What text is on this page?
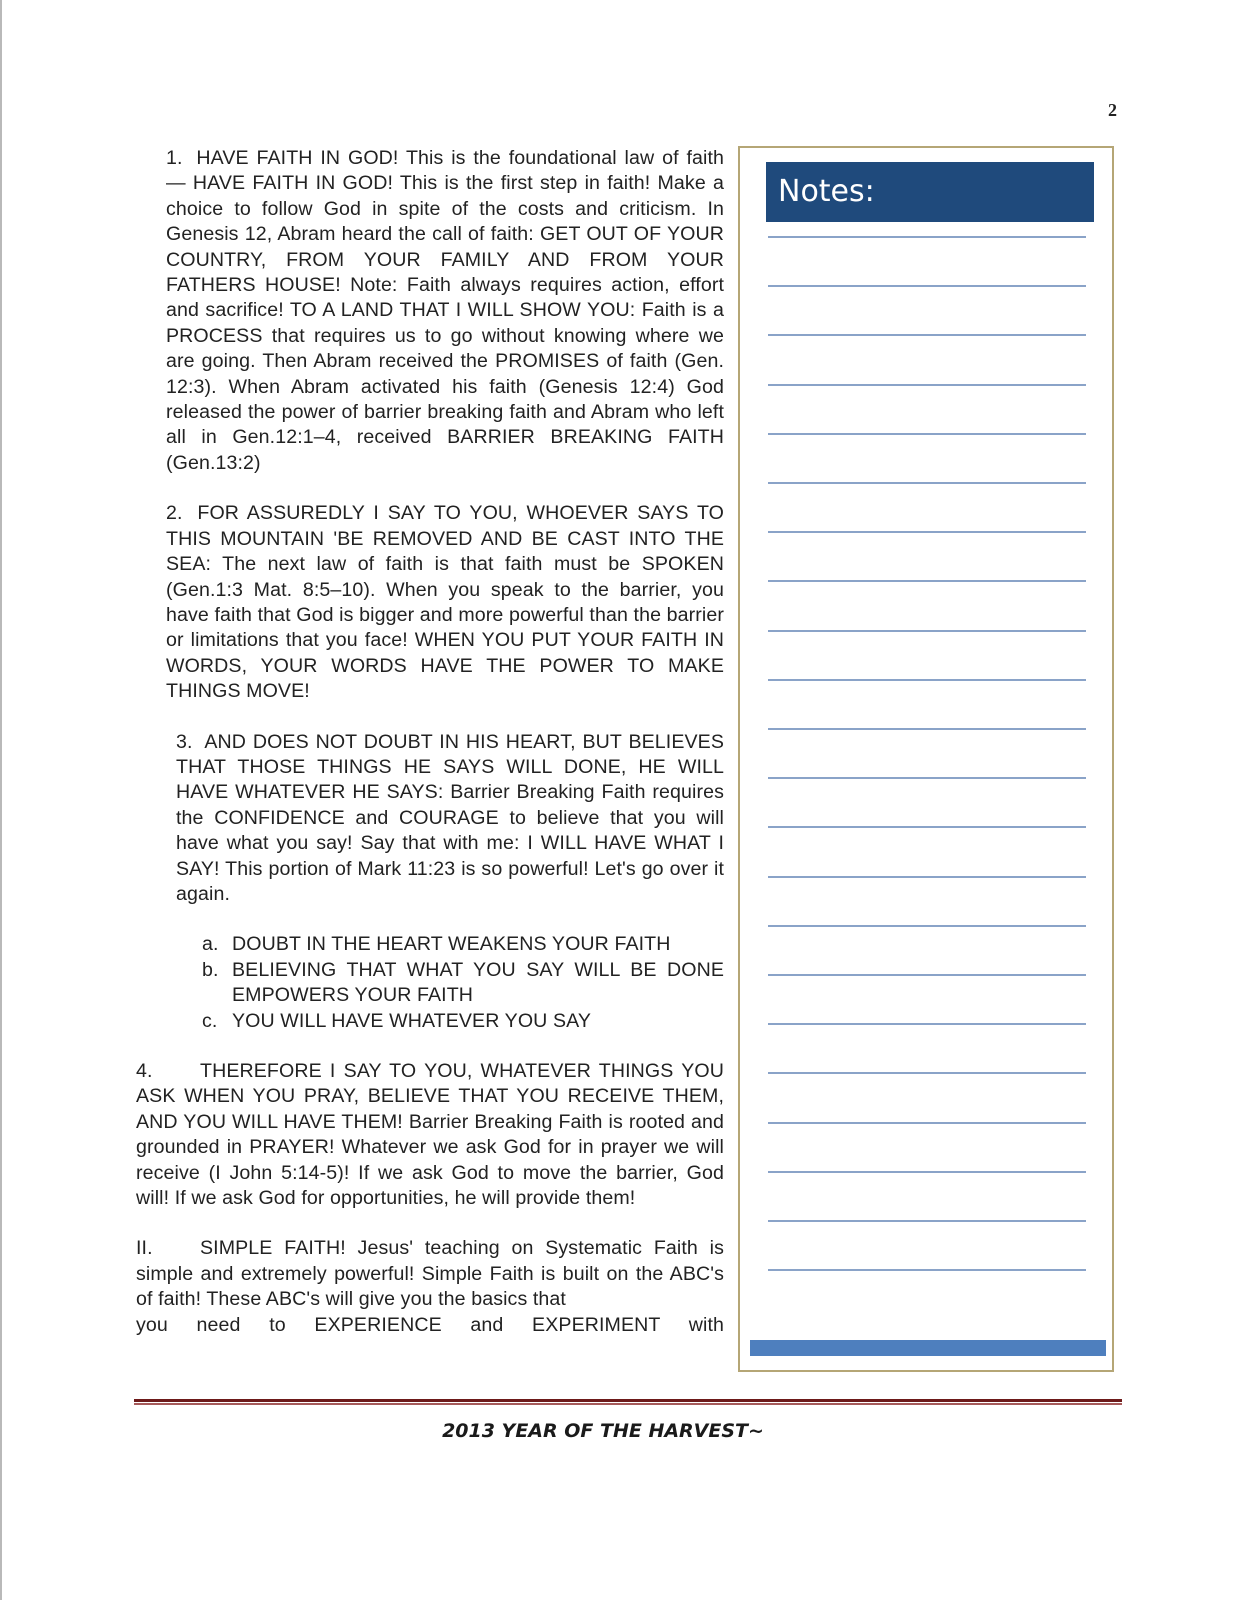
2

1. HAVE FAITH IN GOD! This is the foundational law of faith — HAVE FAITH IN GOD! This is the first step in faith! Make a choice to follow God in spite of the costs and criticism. In Genesis 12, Abram heard the call of faith: GET OUT OF YOUR COUNTRY, FROM YOUR FAMILY AND FROM YOUR FATHERS HOUSE! Note: Faith always requires action, effort and sacrifice! TO A LAND THAT I WILL SHOW YOU: Faith is a PROCESS that requires us to go without knowing where we are going. Then Abram received the PROMISES of faith (Gen. 12:3). When Abram activated his faith (Genesis 12:4) God released the power of barrier breaking faith and Abram who left all in Gen.12:1–4, received BARRIER BREAKING FAITH (Gen.13:2)

2. FOR ASSUREDLY I SAY TO YOU, WHOEVER SAYS TO THIS MOUNTAIN 'BE REMOVED AND BE CAST INTO THE SEA: The next law of faith is that faith must be SPOKEN (Gen.1:3 Mat. 8:5–10). When you speak to the barrier, you have faith that God is bigger and more powerful than the barrier or limitations that you face! WHEN YOU PUT YOUR FAITH IN WORDS, YOUR WORDS HAVE THE POWER TO MAKE THINGS MOVE!

3. AND DOES NOT DOUBT IN HIS HEART, BUT BELIEVES THAT THOSE THINGS HE SAYS WILL DONE, HE WILL HAVE WHATEVER HE SAYS: Barrier Breaking Faith requires the CONFIDENCE and COURAGE to believe that you will have what you say! Say that with me: I WILL HAVE WHAT I SAY! This portion of Mark 11:23 is so powerful! Let's go over it again.

a. DOUBT IN THE HEART WEAKENS YOUR FAITH
b. BELIEVING THAT WHAT YOU SAY WILL BE DONE EMPOWERS YOUR FAITH
c. YOU WILL HAVE WHATEVER YOU SAY

4. THEREFORE I SAY TO YOU, WHATEVER THINGS YOU ASK WHEN YOU PRAY, BELIEVE THAT YOU RECEIVE THEM, AND YOU WILL HAVE THEM! Barrier Breaking Faith is rooted and grounded in PRAYER! Whatever we ask God for in prayer we will receive (I John 5:14-5)! If we ask God to move the barrier, God will! If we ask God for opportunities, he will provide them!

II. SIMPLE FAITH! Jesus' teaching on Systematic Faith is simple and extremely powerful! Simple Faith is built on the ABC's of faith! These ABC's will give you the basics that

you need to EXPERIENCE and EXPERIMENT with

Notes:
2013 YEAR OF THE HARVEST~
